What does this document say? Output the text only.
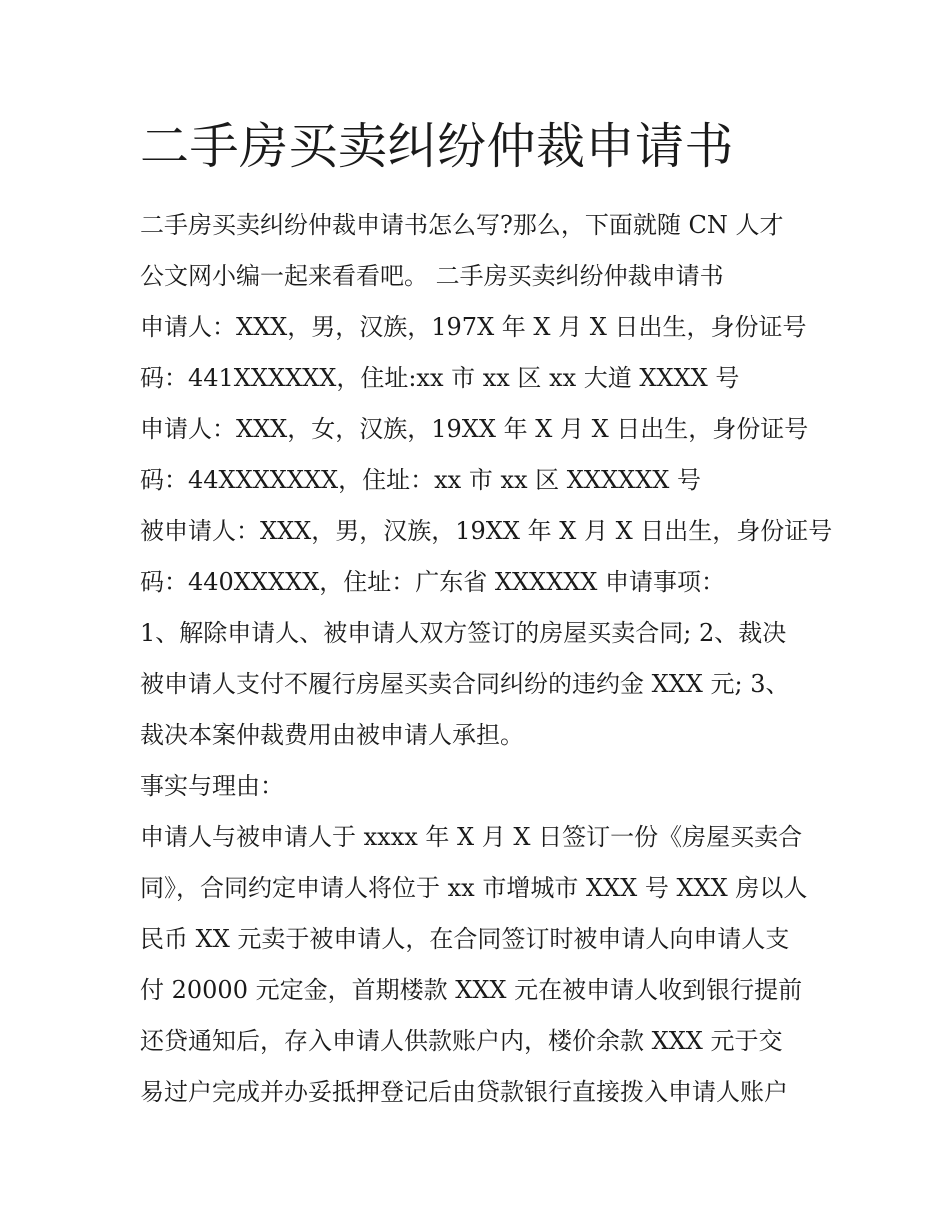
二手房买卖纠纷仲裁申请书
二手房买卖纠纷仲裁申请书怎么写?那么，下面就随 CN 人才
公文网小编一起来看看吧。 二手房买卖纠纷仲裁申请书
申请人：XXX，男，汉族，197X 年 X 月 X 日出生，身份证号
码：441XXXXXX，住址:xx 市 xx 区 xx 大道 XXXX 号
申请人：XXX，女，汉族，19XX 年 X 月 X 日出生，身份证号
码：44XXXXXXX，住址：xx 市 xx 区 XXXXXX 号
被申请人：XXX，男，汉族，19XX 年 X 月 X 日出生，身份证号
码：440XXXXX，住址：广东省 XXXXXX 申请事项：
1、解除申请人、被申请人双方签订的房屋买卖合同; 2、裁决
被申请人支付不履行房屋买卖合同纠纷的违约金 XXX 元; 3、
裁决本案仲裁费用由被申请人承担。
事实与理由：
申请人与被申请人于 xxxx 年 X 月 X 日签订一份《房屋买卖合
同》，合同约定申请人将位于 xx 市增城市 XXX 号 XXX 房以人
民币 XX 元卖于被申请人，在合同签订时被申请人向申请人支
付 20000 元定金，首期楼款 XXX 元在被申请人收到银行提前
还贷通知后，存入申请人供款账户内，楼价余款 XXX 元于交
易过户完成并办妥抵押登记后由贷款银行直接拨入申请人账户
